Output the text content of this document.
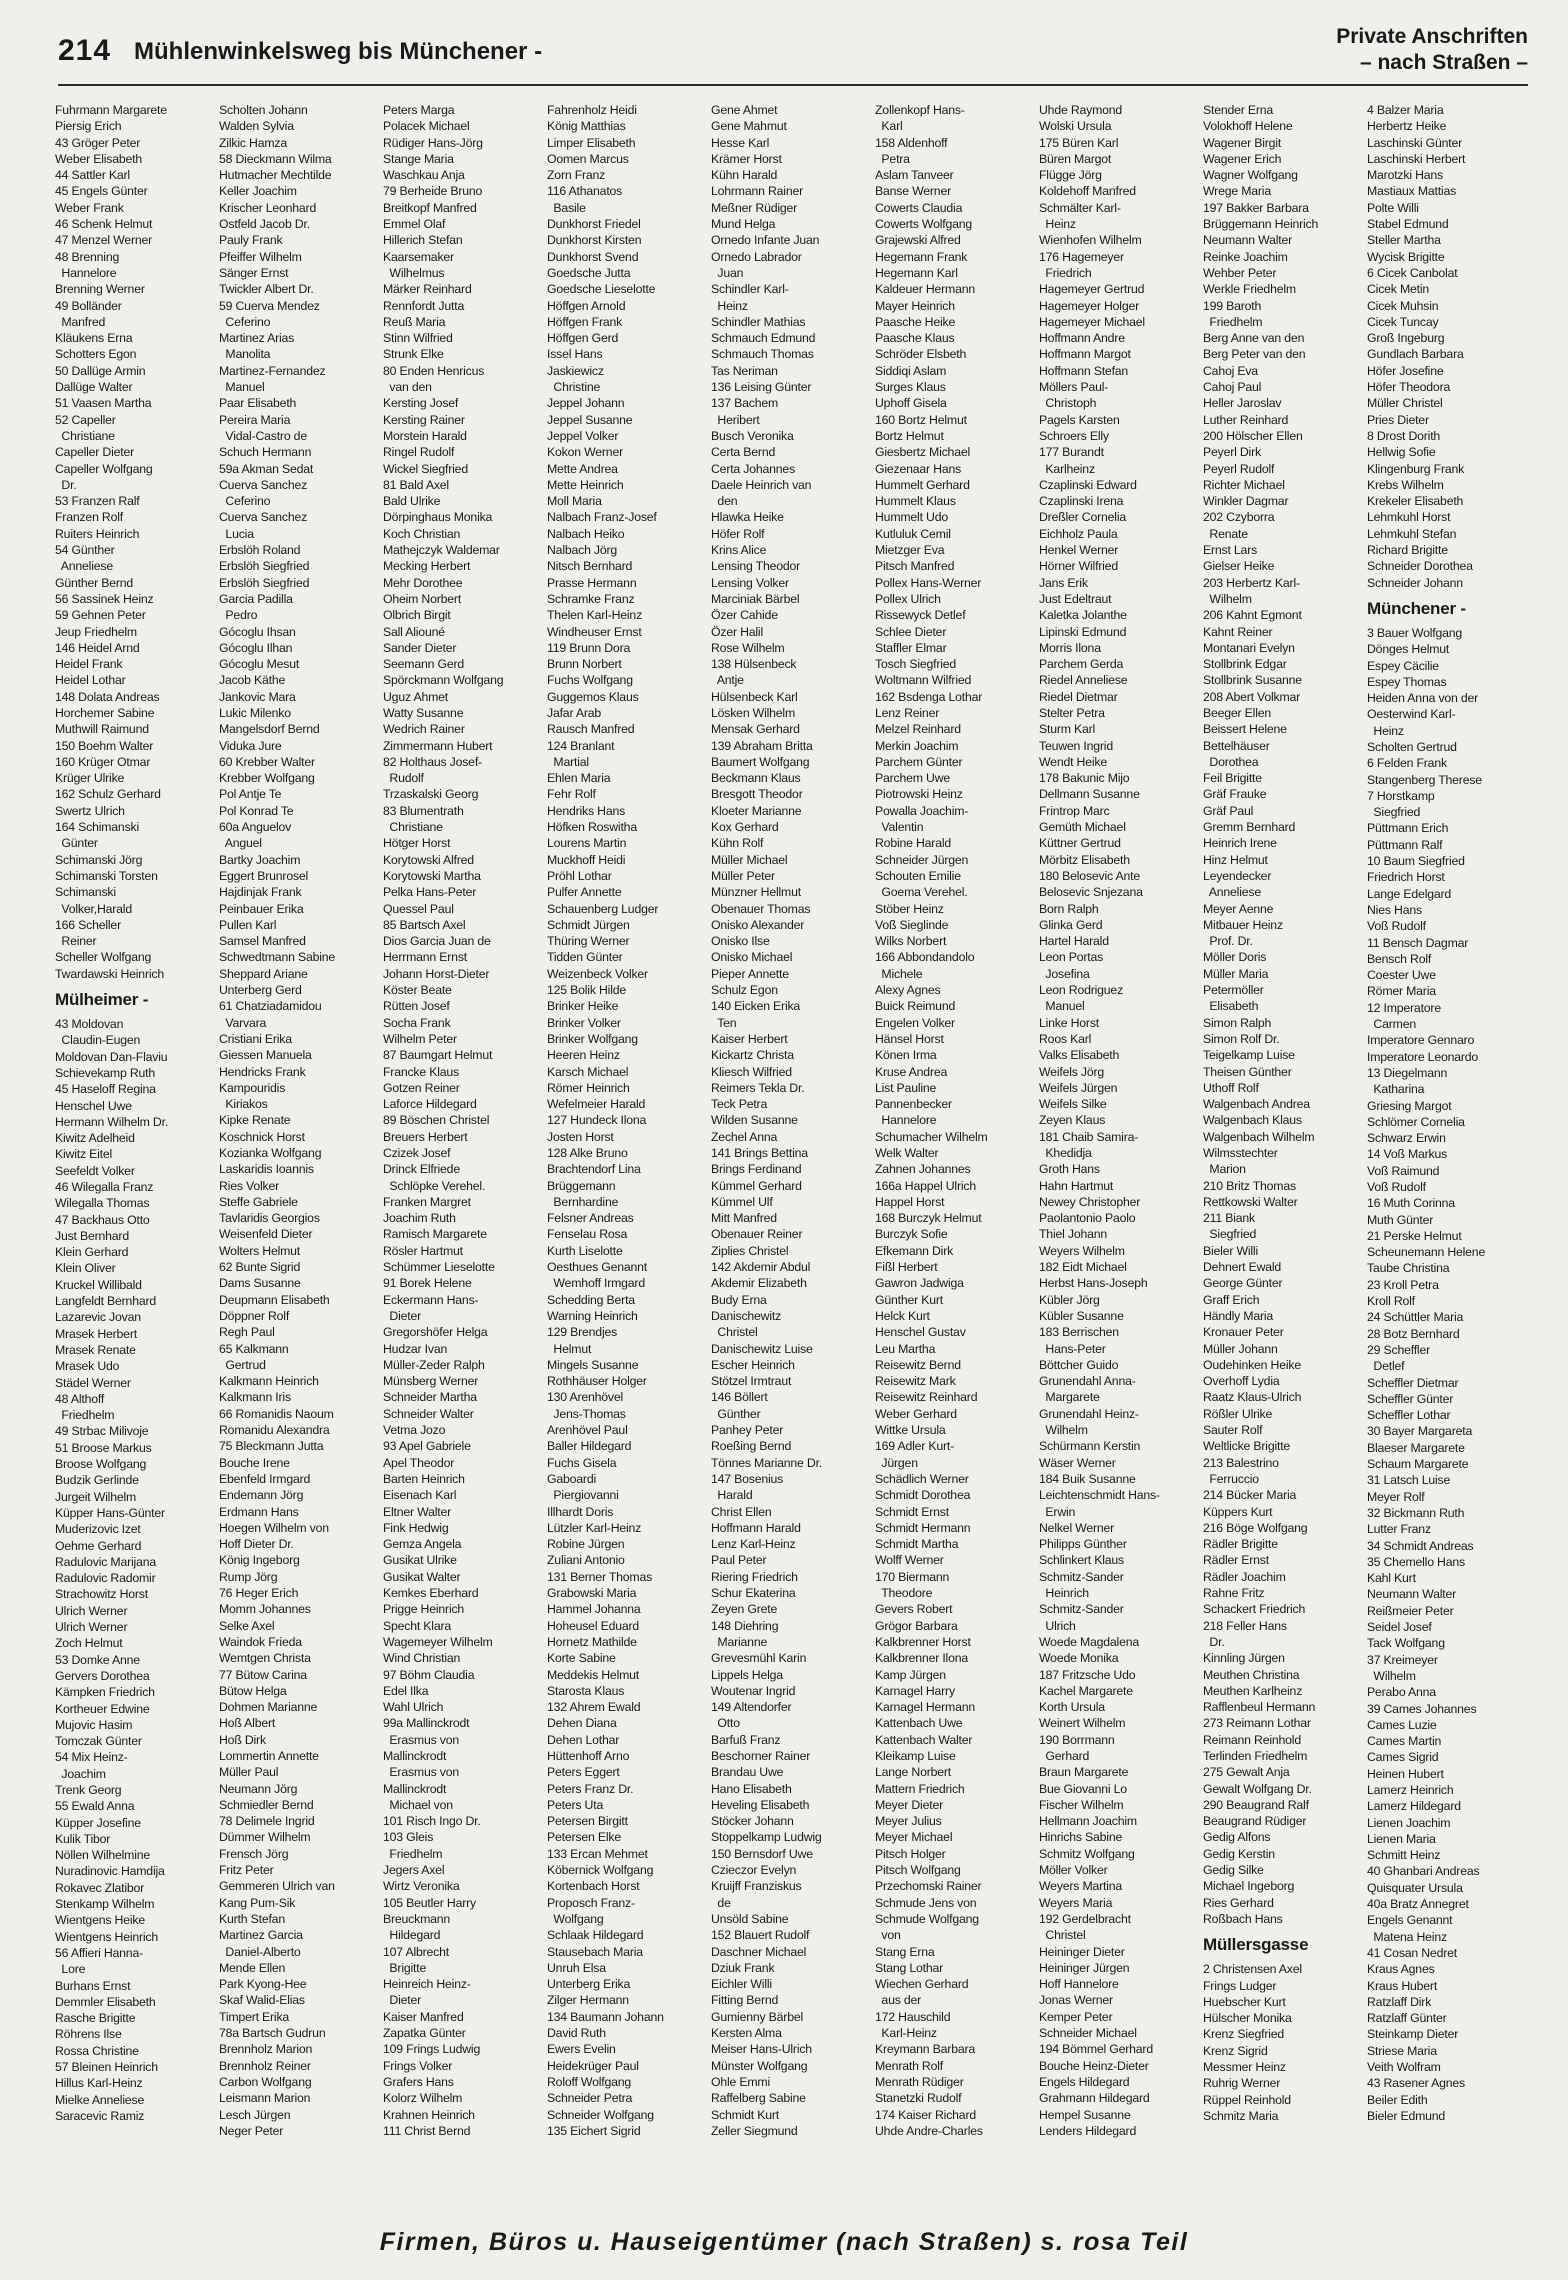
214 Mühlenwinkelsweg bis Münchener -
Private Anschriften
– nach Straßen –
Fuhrmann Margarete
Piersig Erich
43 Gröger Peter
Weber Elisabeth
44 Sattler Karl
45 Engels Günter
Weber Frank
46 Schenk Helmut
47 Menzel Werner
48 Brenning
Hannelore
Brenning Werner
49 Bolländer
Manfred
Kläukens Erna
Schotters Egon
50 Dallüge Armin
Dallüge Walter
51 Vaasen Martha
52 Capeller
Christiane
Capeller Dieter
Capeller Wolfgang
Dr.
53 Franzen Ralf
Franzen Rolf
Ruiters Heinrich
54 Günther
Anneliese
Günther Bernd
56 Sassinek Heinz
59 Gehnen Peter
Jeup Friedhelm
146 Heidel Arnd
Heidel Frank
Heidel Lothar
148 Dolata Andreas
Horchemer Sabine
Muthwill Raimund
150 Boehm Walter
160 Krüger Otmar
Krüger Ulrike
162 Schulz Gerhard
Swertz Ulrich
164 Schimanski
Günter
Schimanski Jörg
Schimanski Torsten
Schimanski
Volker,Harald
166 Scheller
Reiner
Scheller Wolfgang
Twardawski Heinrich
Mülheimer -
43 Moldovan
Claudin-Eugen
Moldovan Dan-Flaviu
Schievekamp Ruth
45 Haseloff Regina
Henschel Uwe
Hermann Wilhelm Dr.
Kiwitz Adelheid
Kiwitz Eitel
Seefeldt Volker
46 Wilegalla Franz
Wilegalla Thomas
47 Backhaus Otto
Just Bernhard
Klein Gerhard
Klein Oliver
Kruckel Willibald
Langfeldt Bernhard
Lazarevic Jovan
Mrasek Herbert
Mrasek Renate
Mrasek Udo
Städel Werner
48 Althoff
Friedhelm
49 Strbac Milivoje
51 Broose Markus
Broose Wolfgang
Budzik Gerlinde
Jurgeit Wilhelm
Küpper Hans-Günter
Muderizovic Izet
Oehme Gerhard
Radulovic Marijana
Radulovic Radomir
Strachowitz Horst
Ulrich Werner
Ulrich Werner
Zoch Helmut
53 Domke Anne
Gervers Dorothea
Kämpken Friedrich
Kortheuer Edwine
Mujovic Hasim
Tomczak Günter
54 Mix Heinz-
Joachim
Trenk Georg
55 Ewald Anna
Küpper Josefine
Kulik Tibor
Nöllen Wilhelmine
Nuradinovic Hamdija
Rokavec Zlatibor
Stenkamp Wilhelm
Wientgens Heike
Wientgens Heinrich
56 Affieri Hanna-
Lore
Burhans Ernst
Demmler Elisabeth
Rasche Brigitte
Röhrens Ilse
Rossa Christine
57 Bleinen Heinrich
Hillus Karl-Heinz
Mielke Anneliese
Saracevic Ramiz
Scholten Johann
Walden Sylvia
Zilkic Hamza
58 Dieckmann Wilma
Hutmacher Mechtilde
Keller Joachim
Krischer Leonhard
Ostfeld Jacob Dr.
Pauly Frank
Pfeiffer Wilhelm
Sänger Ernst
Twickler Albert Dr.
59 Cuerva Mendez
Ceferino
Martinez Arias
Manolita
Martinez-Fernandez
Manuel
Paar Elisabeth
Pereira Maria
Vidal-Castro de
Schuch Hermann
59a Akman Sedat
Cuerva Sanchez
Ceferino
Cuerva Sanchez
Lucia
Erbslöh Roland
Erbslöh Siegfried
Erbslöh Siegfried
Garcia Padilla
Pedro
Gócoglu Ihsan
Gócoglu Ilhan
Gócoglu Mesut
Jacob Käthe
Jankovic Mara
Lukic Milenko
Mangelsdorf Bernd
Viduka Jure
60 Krebber Walter
Krebber Wolfgang
Pol Antje Te
Pol Konrad Te
60a Anguelov
Anguel
Bartky Joachim
Eggert Brunrosel
Hajdinjak Frank
Peinbauer Erika
Pullen Karl
Samsel Manfred
Schwedtmann Sabine
Sheppard Ariane
Unterberg Gerd
61 Chatziadamidou
Varvara
Cristiani Erika
Giessen Manuela
Hendricks Frank
Kampouridis
Kiriakos
Kipke Renate
Koschnick Horst
Kozianka Wolfgang
Laskaridis Ioannis
Ries Volker
Steffe Gabriele
Tavlaridis Georgios
Weisenfeld Dieter
Wolters Helmut
62 Bunte Sigrid
Dams Susanne
Deupmann Elisabeth
Döppner Rolf
Regh Paul
65 Kalkmann
Gertrud
Kalkmann Heinrich
Kalkmann Iris
66 Romanidis Naoum
Romanidu Alexandra
75 Bleckmann Jutta
Bouche Irene
Ebenfeld Irmgard
Endemann Jörg
Erdmann Hans
Hoegen Wilhelm von
Hoff Dieter Dr.
König Ingeborg
Rump Jörg
76 Heger Erich
Momm Johannes
Selke Axel
Waindok Frieda
Wemtgen Christa
77 Bütow Carina
Bütow Helga
Dohmen Marianne
Hoß Albert
Hoß Dirk
Lommertin Annette
Müller Paul
Neumann Jörg
Schmiedler Bernd
78 Delimele Ingrid
Dümmer Wilhelm
Frensch Jörg
Fritz Peter
Gemmeren Ulrich van
Kang Pum-Sik
Kurth Stefan
Martinez Garcia
Daniel-Alberto
Mende Ellen
Park Kyong-Hee
Skaf Walid-Elias
Timpert Erika
78a Bartsch Gudrun
Brennholz Marion
Brennholz Reiner
Carbon Wolfgang
Leismann Marion
Lesch Jürgen
Neger Peter
Peters Marga
Polacek Michael
Rüdiger Hans-Jörg
Stange Maria
Waschkau Anja
79 Berheide Bruno
Breitkopf Manfred
Emmel Olaf
Hillerich Stefan
Kaarsemaker
Wilhelmus
Märker Reinhard
Rennfordt Jutta
Reuß Maria
Stinn Wilfried
Strunk Elke
80 Enden Henricus
van den
Kersting Josef
Kersting Rainer
Morstein Harald
Ringel Rudolf
Wickel Siegfried
81 Bald Axel
Bald Ulrike
Dörpinghaus Monika
Koch Christian
Mathejczyk Waldemar
Mecking Herbert
Mehr Dorothee
Oheim Norbert
Olbrich Birgit
Sall Aliouné
Sander Dieter
Seemann Gerd
Spörckmann Wolfgang
Uguz Ahmet
Watty Susanne
Wedrich Rainer
Zimmermann Hubert
82 Holthaus Josef-
Rudolf
Trzaskalski Georg
83 Blumentrath
Christiane
Hötger Horst
Korytowski Alfred
Korytowski Martha
Pelka Hans-Peter
Quessel Paul
85 Bartsch Axel
Dios Garcia Juan de
Herrmann Ernst
Johann Horst-Dieter
Köster Beate
Rütten Josef
Socha Frank
Wilhelm Peter
87 Baumgart Helmut
Francke Klaus
Gotzen Reiner
Laforce Hildegard
89 Böschen Christel
Breuers Herbert
Czizek Josef
Drinck Elfriede
Schlöpke Verehel.
Franken Margret
Joachim Ruth
Ramisch Margarete
Rösler Hartmut
Schümmer Lieselotte
91 Borek Helene
Eckermann Hans-
Dieter
Gregorshöfer Helga
Hudzar Ivan
Müller-Zeder Ralph
Münsberg Werner
Schneider Martha
Schneider Walter
Vetma Jozo
93 Apel Gabriele
Apel Theodor
Barten Heinrich
Eisenach Karl
Eltner Walter
Fink Hedwig
Gemza Angela
Gusikat Ulrike
Gusikat Walter
Kemkes Eberhard
Prigge Heinrich
Specht Klara
Wagemeyer Wilhelm
Wind Christian
97 Böhm Claudia
Edel Ilka
Wahl Ulrich
99a Mallinckrodt
Erasmus von
Mallinckrodt
Erasmus von
Mallinckrodt
Michael von
101 Risch Ingo Dr.
103 Gleis
Friedhelm
Jegers Axel
Wirtz Veronika
105 Beutler Harry
Breuckmann
Hildegard
107 Albrecht
Brigitte
Heinreich Heinz-
Dieter
Kaiser Manfred
Zapatka Günter
109 Frings Ludwig
Frings Volker
Grafers Hans
Kolorz Wilhelm
Krahnen Heinrich
111 Christ Bernd
Fahrenholz Heidi
König Matthias
Limper Elisabeth
Oomen Marcus
Zorn Franz
116 Athanatos
Basile
Dunkhorst Friedel
Dunkhorst Kirsten
Dunkhorst Svend
Goedsche Jutta
Goedsche Lieselotte
Höffgen Arnold
Höffgen Frank
Höffgen Gerd
Issel Hans
Jaskiewicz
Christine
Jeppel Johann
Jeppel Susanne
Jeppel Volker
Kokon Werner
Mette Andrea
Mette Heinrich
Moll Maria
Nalbach Franz-Josef
Nalbach Heiko
Nalbach Jörg
Nitsch Bernhard
Prasse Hermann
Schramke Franz
Thelen Karl-Heinz
Windheuser Ernst
119 Brunn Dora
Brunn Norbert
Fuchs Wolfgang
Guggemos Klaus
Jafar Arab
Rausch Manfred
124 Branlant
Martial
Ehlen Maria
Fehr Rolf
Hendriks Hans
Höfken Roswitha
Lourens Martin
Muckhoff Heidi
Pröhl Lothar
Pulfer Annette
Schauenberg Ludger
Schmidt Jürgen
Thüring Werner
Tidden Günter
Weizenbeck Volker
125 Bolik Hilde
Brinker Heike
Brinker Volker
Brinker Wolfgang
Heeren Heinz
Karsch Michael
Römer Heinrich
Wefelmeier Harald
127 Hundeck Ilona
Josten Horst
128 Alke Bruno
Brachtendorf Lina
Brüggemann
Bernhardine
Felsner Andreas
Fenselau Rosa
Kurth Liselotte
Oesthues Genannt
Wemhoff Irmgard
Schedding Berta
Warning Heinrich
129 Brendjes
Helmut
Mingels Susanne
Rothhäuser Holger
130 Arenhövel
Jens-Thomas
Arenhövel Paul
Baller Hildegard
Fuchs Gisela
Gaboardi
Piergiovanni
Illhardt Doris
Lützler Karl-Heinz
Robine Jürgen
Zuliani Antonio
131 Berner Thomas
Grabowski Maria
Hammel Johanna
Hoheusel Eduard
Hornetz Mathilde
Korte Sabine
Meddekis Helmut
Starosta Klaus
132 Ahrem Ewald
Dehen Diana
Dehen Lothar
Hüttenhoff Arno
Peters Eggert
Peters Franz Dr.
Peters Uta
Petersen Birgitt
Petersen Elke
133 Ercan Mehmet
Köbernick Wolfgang
Kortenbach Horst
Proposch Franz-
Wolfgang
Schlaak Hildegard
Stausebach Maria
Unruh Elsa
Unterberg Erika
Zilger Hermann
134 Baumann Johann
David Ruth
Ewers Evelin
Heidekrüger Paul
Roloff Wolfgang
Schneider Petra
Schneider Wolfgang
135 Eichert Sigrid
Gene Ahmet
Gene Mahmut
Hesse Karl
Krämer Horst
Kühn Harald
Lohrmann Rainer
Meßner Rüdiger
Mund Helga
Ornedo Infante Juan
Ornedo Labrador
Juan
Schindler Karl-
Heinz
Schindler Mathias
Schmauch Edmund
Schmauch Thomas
Tas Neriman
136 Leising Günter
137 Bachem
Heribert
Busch Veronika
Certa Bernd
Certa Johannes
Daele Heinrich van
den
Hlawka Heike
Höfer Rolf
Krins Alice
Lensing Theodor
Lensing Volker
Marciniak Bärbel
Özer Cahide
Özer Halil
Rose Wilhelm
138 Hülsenbeck
Antje
Hülsenbeck Karl
Lösken Wilhelm
Mensak Gerhard
139 Abraham Britta
Baumert Wolfgang
Beckmann Klaus
Bresgott Theodor
Kloeter Marianne
Kox Gerhard
Kühn Rolf
Müller Michael
Müller Peter
Münzner Hellmut
Obenauer Thomas
Onisko Alexander
Onisko Ilse
Onisko Michael
Pieper Annette
Schulz Egon
140 Eicken Erika
Ten
Kaiser Herbert
Kickartz Christa
Kliesch Wilfried
Reimers Tekla Dr.
Teck Petra
Wilden Susanne
Zechel Anna
141 Brings Bettina
Brings Ferdinand
Kümmel Gerhard
Kümmel Ulf
Mitt Manfred
Obenauer Reiner
Ziplies Christel
142 Akdemir Abdul
Akdemir Elizabeth
Budy Erna
Danischewitz
Christel
Danischewitz Luise
Escher Heinrich
Stötzel Irmtraut
146 Böllert
Günther
Panhey Peter
Roeßing Bernd
Tönnes Marianne Dr.
147 Bosenius
Harald
Christ Ellen
Hoffmann Harald
Lenz Karl-Heinz
Paul Peter
Riering Friedrich
Schur Ekaterina
Zeyen Grete
148 Diehring
Marianne
Grevesmühl Karin
Lippels Helga
Woutenar Ingrid
149 Altendorfer
Otto
Barfuß Franz
Beschorner Rainer
Brandau Uwe
Hano Elisabeth
Heveling Elisabeth
Stöcker Johann
Stoppelkamp Ludwig
150 Bernsdorf Uwe
Czieczor Evelyn
Kruijff Franziskus
de
Unsöld Sabine
152 Blauert Rudolf
Daschner Michael
Dziuk Frank
Eichler Willi
Fitting Bernd
Gumienny Bärbel
Kersten Alma
Meiser Hans-Ulrich
Münster Wolfgang
Ohle Emmi
Raffelberg Sabine
Schmidt Kurt
Zeller Siegmund
Zollenkopf Hans-
Karl
158 Aldenhoff
Petra
Aslam Tanveer
Banse Werner
Cowerts Claudia
Cowerts Wolfgang
Grajewski Alfred
Hegemann Frank
Hegemann Karl
Kaldeuer Hermann
Mayer Heinrich
Paasche Heike
Paasche Klaus
Schröder Elsbeth
Siddiqi Aslam
Surges Klaus
Uphoff Gisela
160 Bortz Helmut
Bortz Helmut
Giesbertz Michael
Giezenaar Hans
Hummelt Gerhard
Hummelt Klaus
Hummelt Udo
Kutluluk Cemil
Mietzger Eva
Pitsch Manfred
Pollex Hans-Werner
Pollex Ulrich
Rissewyck Detlef
Schlee Dieter
Staffler Elmar
Tosch Siegfried
Woltmann Wilfried
162 Bsdenga Lothar
Lenz Reiner
Melzel Reinhard
Merkin Joachim
Parchem Günter
Parchem Uwe
Piotrowski Heinz
Powalla Joachim-
Valentin
Robine Harald
Schneider Jürgen
Schouten Emilie
Goema Verehel.
Stöber Heinz
Voß Sieglinde
Wilks Norbert
166 Abbondandolo
Michele
Alexy Agnes
Buick Reimund
Engelen Volker
Hänsel Horst
Könen Irma
Kruse Andrea
List Pauline
Pannenbecker
Hannelore
Schumacher Wilhelm
Welk Walter
Zahnen Johannes
166a Happel Ulrich
Happel Horst
168 Burczyk Helmut
Burczyk Sofie
Efkemann Dirk
Fißl Herbert
Gawron Jadwiga
Günther Kurt
Helck Kurt
Henschel Gustav
Leu Martha
Reisewitz Bernd
Reisewitz Mark
Reisewitz Reinhard
Weber Gerhard
Wittke Ursula
169 Adler Kurt-
Jürgen
Schädlich Werner
Schmidt Dorothea
Schmidt Ernst
Schmidt Hermann
Schmidt Martha
Wolff Werner
170 Biermann
Theodore
Gevers Robert
Grögor Barbara
Kalkbrenner Horst
Kalkbrenner Ilona
Kamp Jürgen
Karnagel Harry
Karnagel Hermann
Kattenbach Uwe
Kattenbach Walter
Kleikamp Luise
Lange Norbert
Mattern Friedrich
Meyer Dieter
Meyer Julius
Meyer Michael
Pitsch Holger
Pitsch Wolfgang
Przechomski Rainer
Schmude Jens von
Schmude Wolfgang
von
Stang Erna
Stang Lothar
Wiechen Gerhard
aus der
172 Hauschild
Karl-Heinz
Kreymann Barbara
Menrath Rolf
Menrath Rüdiger
Stanetzki Rudolf
174 Kaiser Richard
Uhde Andre-Charles
Uhde Raymond
Wolski Ursula
175 Büren Karl
Büren Margot
Flügge Jörg
Koldehoff Manfred
Schmälter Karl-
Heinz
Wienhofen Wilhelm
176 Hagemeyer
Friedrich
Hagemeyer Gertrud
Hagemeyer Holger
Hagemeyer Michael
Hoffmann Andre
Hoffmann Margot
Hoffmann Stefan
Möllers Paul-
Christoph
Pagels Karsten
Schroers Elly
177 Burandt
Karlheinz
Czaplinski Edward
Czaplinski Irena
Dreßler Cornelia
Eichholz Paula
Henkel Werner
Hörner Wilfried
Jans Erik
Just Edeltraut
Kaletka Jolanthe
Lipinski Edmund
Morris Ilona
Parchem Gerda
Riedel Anneliese
Riedel Dietmar
Stelter Petra
Sturm Karl
Teuwen Ingrid
Wendt Heike
178 Bakunic Mijo
Dellmann Susanne
Frintrop Marc
Gemüth Michael
Küttner Gertrud
Mörbitz Elisabeth
180 Belosevic Ante
Belosevic Snjezana
Born Ralph
Glinka Gerd
Hartel Harald
Leon Portas
Josefina
Leon Rodriguez
Manuel
Linke Horst
Roos Karl
Valks Elisabeth
Weifels Jörg
Weifels Jürgen
Weifels Silke
Zeyen Klaus
181 Chaib Samira-
Khedidja
Groth Hans
Hahn Hartmut
Newey Christopher
Paolantonio Paolo
Thiel Johann
Weyers Wilhelm
182 Eidt Michael
Herbst Hans-Joseph
Kübler Jörg
Kübler Susanne
183 Berrischen
Hans-Peter
Böttcher Guido
Grunendahl Anna-
Margarete
Grunendahl Heinz-
Wilhelm
Schürmann Kerstin
Wäser Werner
184 Buik Susanne
Leichtenschmidt Hans-
Erwin
Nelkel Werner
Philipps Günther
Schlinkert Klaus
Schmitz-Sander
Heinrich
Schmitz-Sander
Ulrich
Woede Magdalena
Woede Monika
187 Fritzsche Udo
Kachel Margarete
Korth Ursula
Weinert Wilhelm
190 Borrmann
Gerhard
Braun Margarete
Bue Giovanni Lo
Fischer Wilhelm
Hellmann Joachim
Hinrichs Sabine
Schmitz Wolfgang
Möller Volker
Weyers Martina
Weyers Maria
192 Gerdelbracht
Christel
Heininger Dieter
Heininger Jürgen
Hoff Hannelore
Jonas Werner
Kemper Peter
Schneider Michael
194 Bömmel Gerhard
Bouche Heinz-Dieter
Engels Hildegard
Grahmann Hildegard
Hempel Susanne
Lenders Hildegard
Stender Erna
Volokhoff Helene
Wagener Birgit
Wagener Erich
Wagner Wolfgang
Wrege Maria
197 Bakker Barbara
Brüggemann Heinrich
Neumann Walter
Reinke Joachim
Wehber Peter
Werkle Friedhelm
199 Baroth
Friedhelm
Berg Anne van den
Berg Peter van den
Cahoj Eva
Cahoj Paul
Heller Jaroslav
Luther Reinhard
200 Hölscher Ellen
Peyerl Dirk
Peyerl Rudolf
Richter Michael
Winkler Dagmar
202 Czyborra
Renate
Ernst Lars
Gielser Heike
203 Herbertz Karl-
Wilhelm
206 Kahnt Egmont
Kahnt Reiner
Montanari Evelyn
Stollbrink Edgar
Stollbrink Susanne
208 Abert Volkmar
Beeger Ellen
Beissert Helene
Bettelhäuser
Dorothea
Feil Brigitte
Gräf Frauke
Gräf Paul
Gremm Bernhard
Heinrich Irene
Hinz Helmut
Leyendecker
Anneliese
Meyer Aenne
Mitbauer Heinz
Prof. Dr.
Möller Doris
Müller Maria
Petermöller
Elisabeth
Simon Ralph
Simon Rolf Dr.
Teigelkamp Luise
Theisen Günther
Uthoff Rolf
Walgenbach Andrea
Walgenbach Klaus
Walgenbach Wilhelm
Wilmsstechter
Marion
210 Britz Thomas
Rettkowski Walter
211 Biank
Siegfried
Bieler Willi
Dehnert Ewald
George Günter
Graff Erich
Händly Maria
Kronauer Peter
Müller Johann
Oudehinken Heike
Overhoff Lydia
Raatz Klaus-Ulrich
Rößler Ulrike
Sauter Rolf
Weltlicke Brigitte
213 Balestrino
Ferruccio
214 Bücker Maria
Küppers Kurt
216 Böge Wolfgang
Rädler Brigitte
Rädler Ernst
Rädler Joachim
Rahne Fritz
Schackert Friedrich
218 Feller Hans
Dr.
Kinnling Jürgen
Meuthen Christina
Meuthen Karlheinz
Rafflenbeul Hermann
273 Reimann Lothar
Reimann Reinhold
Terlinden Friedhelm
275 Gewalt Anja
Gewalt Wolfgang Dr.
290 Beaugrand Ralf
Beaugrand Rüdiger
Gedig Alfons
Gedig Kerstin
Gedig Silke
Michael Ingeborg
Ries Gerhard
Roßbach Hans
Müllersgasse
2 Christensen Axel
Frings Ludger
Huebscher Kurt
Hülscher Monika
Krenz Siegfried
Krenz Sigrid
Messmer Heinz
Ruhrig Werner
Rüppel Reinhold
Schmitz Maria
4 Balzer Maria
Herbertz Heike
Laschinski Günter
Laschinski Herbert
Marotzki Hans
Mastiaux Mattias
Polte Willi
Stabel Edmund
Steller Martha
Wycisk Brigitte
6 Cicek Canbolat
Cicek Metin
Cicek Muhsin
Cicek Tuncay
Groß Ingeburg
Gundlach Barbara
Höfer Josefine
Höfer Theodora
Müller Christel
Pries Dieter
8 Drost Dorith
Hellwig Sofie
Klingenburg Frank
Krebs Wilhelm
Krekeler Elisabeth
Lehmkuhl Horst
Lehmkuhl Stefan
Richard Brigitte
Schneider Dorothea
Schneider Johann
Münchener -
3 Bauer Wolfgang
Dönges Helmut
Espey Cäcilie
Espey Thomas
Heiden Anna von der
Oesterwind Karl-
Heinz
Scholten Gertrud
6 Felden Frank
Stangenberg Therese
7 Horstkamp
Siegfried
Püttmann Erich
Püttmann Ralf
10 Baum Siegfried
Friedrich Horst
Lange Edelgard
Nies Hans
Voß Rudolf
11 Bensch Dagmar
Bensch Rolf
Coester Uwe
Römer Maria
12 Imperatore
Carmen
Imperatore Gennaro
Imperatore Leonardo
13 Diegelmann
Katharina
Griesing Margot
Schlömer Cornelia
Schwarz Erwin
14 Voß Markus
Voß Raimund
Voß Rudolf
16 Muth Corinna
Muth Günter
21 Perske Helmut
Scheunemann Helene
Taube Christina
23 Kroll Petra
Kroll Rolf
24 Schüttler Maria
28 Botz Bernhard
29 Scheffler
Detlef
Scheffler Dietmar
Scheffler Günter
Scheffler Lothar
30 Bayer Margareta
Blaeser Margarete
Schaum Margarete
31 Latsch Luise
Meyer Rolf
32 Bickmann Ruth
Lutter Franz
34 Schmidt Andreas
35 Chemello Hans
Kahl Kurt
Neumann Walter
Reißmeier Peter
Seidel Josef
Tack Wolfgang
37 Kreimeyer
Wilhelm
Perabo Anna
39 Cames Johannes
Cames Luzie
Cames Martin
Cames Sigrid
Heinen Hubert
Lamerz Heinrich
Lamerz Hildegard
Lienen Joachim
Lienen Maria
Schmitt Heinz
40 Ghanbari Andreas
Quisquater Ursula
40a Bratz Annegret
Engels Genannt
Matena Heinz
41 Cosan Nedret
Kraus Agnes
Kraus Hubert
Ratzlaff Dirk
Ratzlaff Günter
Steinkamp Dieter
Striese Maria
Veith Wolfram
43 Rasener Agnes
Beiler Edith
Bieler Edmund
Firmen, Büros u. Hauseigentümer (nach Straßen) s. rosa Teil
